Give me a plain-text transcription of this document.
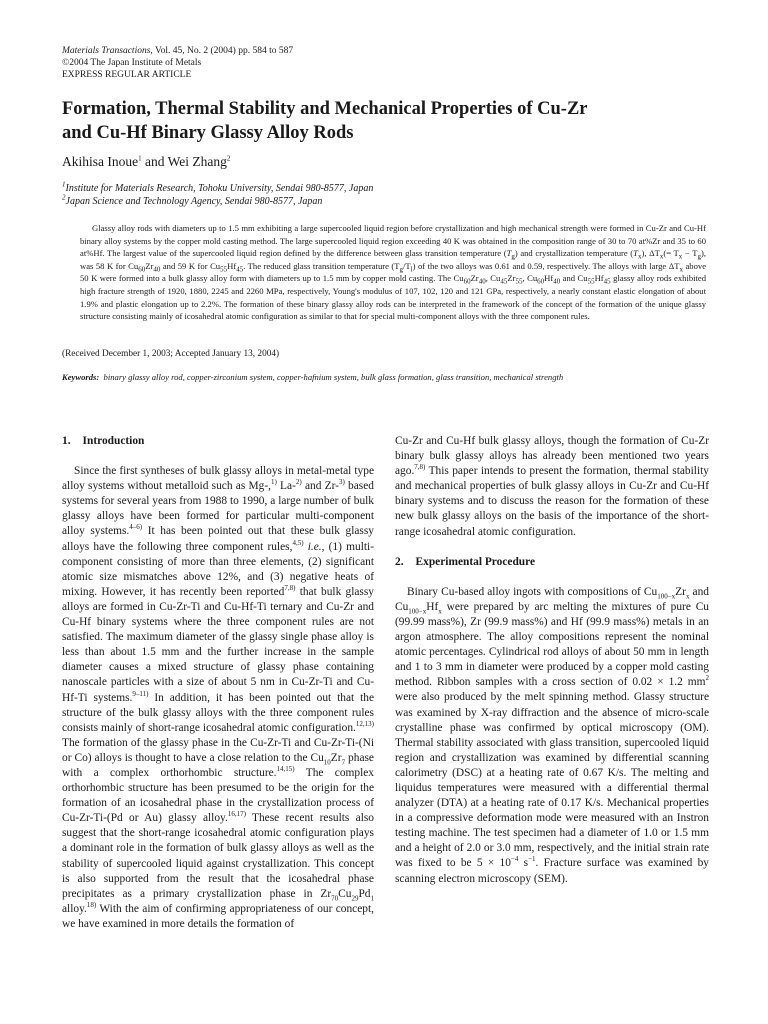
Materials Transactions, Vol. 45, No. 2 (2004) pp. 584 to 587
©2004 The Japan Institute of Metals
EXPRESS REGULAR ARTICLE
Formation, Thermal Stability and Mechanical Properties of Cu-Zr
and Cu-Hf Binary Glassy Alloy Rods
Akihisa Inoue$^1$ and Wei Zhang$^2$
$^1$Institute for Materials Research, Tohoku University, Sendai 980-8577, Japan
$^2$Japan Science and Technology Agency, Sendai 980-8577, Japan
Glassy alloy rods with diameters up to 1.5 mm exhibiting a large supercooled liquid region before crystallization and high mechanical strength were formed in Cu-Zr and Cu-Hf binary alloy systems by the copper mold casting method. The large supercooled liquid region exceeding 40 K was obtained in the composition range of 30 to 70 at%Zr and 35 to 60 at%Hf. The largest value of the supercooled liquid region defined by the difference between glass transition temperature $(T_g)$ and crystallization temperature $(T_x)$, $\Delta T_x(= T_x - T_g)$, was 58 K for $Cu_{60}Zr_{40}$ and 59 K for $Cu_{55}Hf_{45}$. The reduced glass transition temperature $(T_g/T_l)$ of the two alloys was 0.61 and 0.59, respectively. The alloys with large $\Delta T_x$ above 50 K were formed into a bulk glassy alloy form with diameters up to 1.5 mm by copper mold casting. The $Cu_{60}Zr_{40}$, $Cu_{45}Zr_{55}$, $Cu_{60}Hf_{40}$ and $Cu_{55}Hf_{45}$ glassy alloy rods exhibited high fracture strength of 1920, 1880, 2245 and 2260 MPa, respectively, Young's modulus of 107, 102, 120 and 121 GPa, respectively, a nearly constant elastic elongation of about 1.9% and plastic elongation up to 2.2%. The formation of these binary glassy alloy rods can be interpreted in the framework of the concept of the formation of the unique glassy structure consisting mainly of icosahedral atomic configuration as similar to that for special multi-component alloys with the three component rules.
(Received December 1, 2003; Accepted January 13, 2004)
Keywords: binary glassy alloy rod, copper-zirconium system, copper-hafnium system, bulk glass formation, glass transition, mechanical strength
1. Introduction

Since the first syntheses of bulk glassy alloys in metal-metal type alloy systems without metalloid such as Mg-,$^{1)}$ La-$^{2)}$ and Zr-$^{3)}$ based systems for several years from 1988 to 1990, a large number of bulk glassy alloys have been formed for particular multi-component alloy systems.$^{4-6)}$ It has been pointed out that these bulk glassy alloys have the following three component rules,$^{4,5)}$ i.e., (1) multi-component consisting of more than three elements, (2) significant atomic size mismatches above 12%, and (3) negative heats of mixing. However, it has recently been reported$^{7,8)}$ that bulk glassy alloys are formed in Cu-Zr-Ti and Cu-Hf-Ti ternary and Cu-Zr and Cu-Hf binary systems where the three component rules are not satisfied. The maximum diameter of the glassy single phase alloy is less than about 1.5 mm and the further increase in the sample diameter causes a mixed structure of glassy phase containing nanoscale particles with a size of about 5 nm in Cu-Zr-Ti and Cu-Hf-Ti systems.$^{9-11)}$ In addition, it has been pointed out that the structure of the bulk glassy alloys with the three component rules consists mainly of short-range icosahedral atomic configuration.$^{12,13)}$ The formation of the glassy phase in the Cu-Zr-Ti and Cu-Zr-Ti-(Ni or Co) alloys is thought to have a close relation to the $Cu_{10}Zr_7$ phase with a complex orthorhombic structure.$^{14,15)}$ The complex orthorhombic structure has been presumed to be the origin for the formation of an icosahedral phase in the crystallization process of Cu-Zr-Ti-(Pd or Au) glassy alloy.$^{16,17)}$ These recent results also suggest that the short-range icosahedral atomic configuration plays a dominant role in the formation of bulk glassy alloys as well as the stability of supercooled liquid against crystallization. This concept is also supported from the result that the icosahedral phase precipitates as a primary crystallization phase in $Zr_{70}Cu_{29}Pd_1$ alloy.$^{18)}$ With the aim of confirming appropriateness of our concept, we have examined in more details the formation of

Cu-Zr and Cu-Hf bulk glassy alloys, though the formation of Cu-Zr binary bulk glassy alloys has already been mentioned two years ago.$^{7,8)}$ This paper intends to present the formation, thermal stability and mechanical properties of bulk glassy alloys in Cu-Zr and Cu-Hf binary systems and to discuss the reason for the formation of these new bulk glassy alloys on the basis of the importance of the short-range icosahedral atomic configuration.

2. Experimental Procedure

Binary Cu-based alloy ingots with compositions of $Cu_{100-x}Zr_x$ and $Cu_{100-x}Hf_x$ were prepared by arc melting the mixtures of pure Cu (99.99 mass%), Zr (99.9 mass%) and Hf (99.9 mass%) metals in an argon atmosphere. The alloy compositions represent the nominal atomic percentages. Cylindrical rod alloys of about 50 mm in length and 1 to 3 mm in diameter were produced by a copper mold casting method. Ribbon samples with a cross section of 0.02 × 1.2 $mm^2$ were also produced by the melt spinning method. Glassy structure was examined by X-ray diffraction and the absence of micro-scale crystalline phase was confirmed by optical microscopy (OM). Thermal stability associated with glass transition, supercooled liquid region and crystallization was examined by differential scanning calorimetry (DSC) at a heating rate of 0.67 K/s. The melting and liquidus temperatures were measured with a differential thermal analyzer (DTA) at a heating rate of 0.17 K/s. Mechanical properties in a compressive deformation mode were measured with an Instron testing machine. The test specimen had a diameter of 1.0 or 1.5 mm and a height of 2.0 or 3.0 mm, respectively, and the initial strain rate was fixed to be $5 \times 10^{-4}$ $s^{-1}$. Fracture surface was examined by scanning electron microscopy (SEM).
